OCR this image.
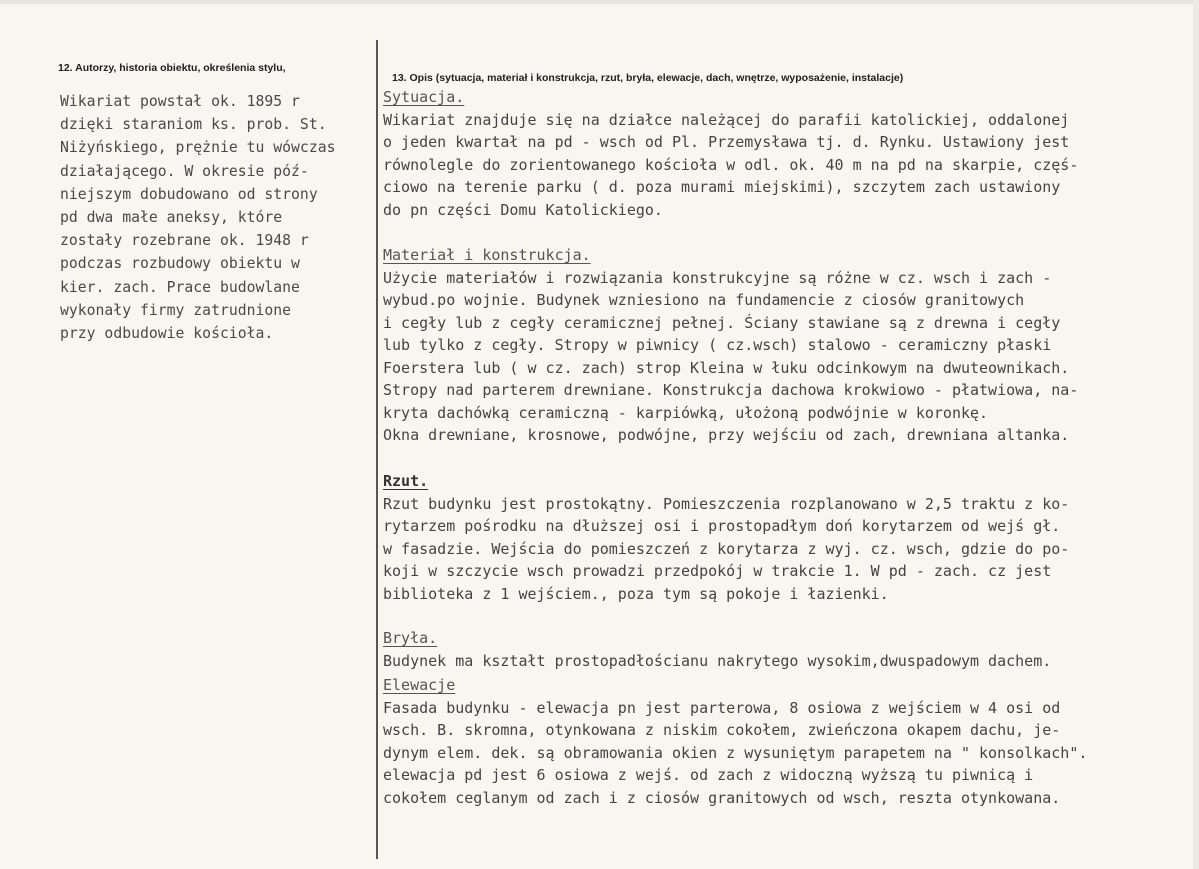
12. Autorzy, historia obiektu, określenia stylu,
13. Opis (sytuacja, materiał i konstrukcja, rzut, bryła, elewacje, dach, wnętrze, wyposażenie, instalacje)
Wikariat powstał ok. 1895 r
dzięki staraniom ks. prob. St.
Niżyńskiego, prężnie tu wówczas
działającego. W okresie póź-
niejszym dobudowano od strony
pd dwa małe aneksy, które
zostały rozebrane ok. 1948 r
podczas rozbudowy obiektu w
kier. zach. Prace budowlane
wykonały firmy zatrudnione
przy odbudowie kościoła.
Sytuacja.
Wikariat znajduje się na działce należącej do parafii katolickiej, oddalonej
o jeden kwartał na pd - wsch od Pl. Przemysława tj. d. Rynku. Ustawiony jest
równolegle do zorientowanego kościoła w odl. ok. 40 m na pd na skarpie, częś-
ciowo na terenie parku ( d. poza murami miejskimi), szczytem zach ustawiony
do pn części Domu Katolickiego.
Materiał i konstrukcja.
Użycie materiałów i rozwiązania konstrukcyjne są różne w cz. wsch i zach -
wybud.po wojnie. Budynek wzniesiono na fundamencie z ciosów granitowych
i cegły lub z cegły ceramicznej pełnej. Ściany stawiane są z drewna i cegły
lub tylko z cegły. Stropy w piwnicy ( cz.wsch) stalowo - ceramiczny płaski
Foerstera lub ( w cz. zach) strop Kleina w łuku odcinkowym na dwuteownikach.
Stropy nad parterem drewniane. Konstrukcja dachowa krokwiowo - płatwiowa, na-
kryta dachówką ceramiczną - karpiówką, ułożoną podwójnie w koronkę.
Okna drewniane, krosnowe, podwójne, przy wejściu od zach, drewniana altanka.
Rzut.
Rzut budynku jest prostokątny. Pomieszczenia rozplanowano w 2,5 traktu z ko-
rytarzem pośrodku na dłuższej osi i prostopadłym doń korytarzem od wejś gł.
w fasadzie. Wejścia do pomieszczeń z korytarza z wyj. cz. wsch, gdzie do po-
koji w szczycie wsch prowadzi przedpokój w trakcie 1. W pd - zach. cz jest
biblioteka z 1 wejściem., poza tym są pokoje i łazienki.
Bryła.
Budynek ma kształt prostopadłościanu nakrytego wysokim,dwuspadowym dachem.
Elewacje
Fasada budynku - elewacja pn jest parterowa, 8 osiowa z wejściem w 4 osi od
wsch. B. skromna, otynkowana z niskim cokołem, zwieńczona okapem dachu, je-
dynym elem. dek. są obramowania okien z wysuniętym parapetem na " konsolkach".
elewacja pd jest 6 osiowa z wejś. od zach z widoczną wyższą tu piwnicą i
cokołem ceglanym od zach i z ciosów granitowych od wsch, reszta otynkowana.
